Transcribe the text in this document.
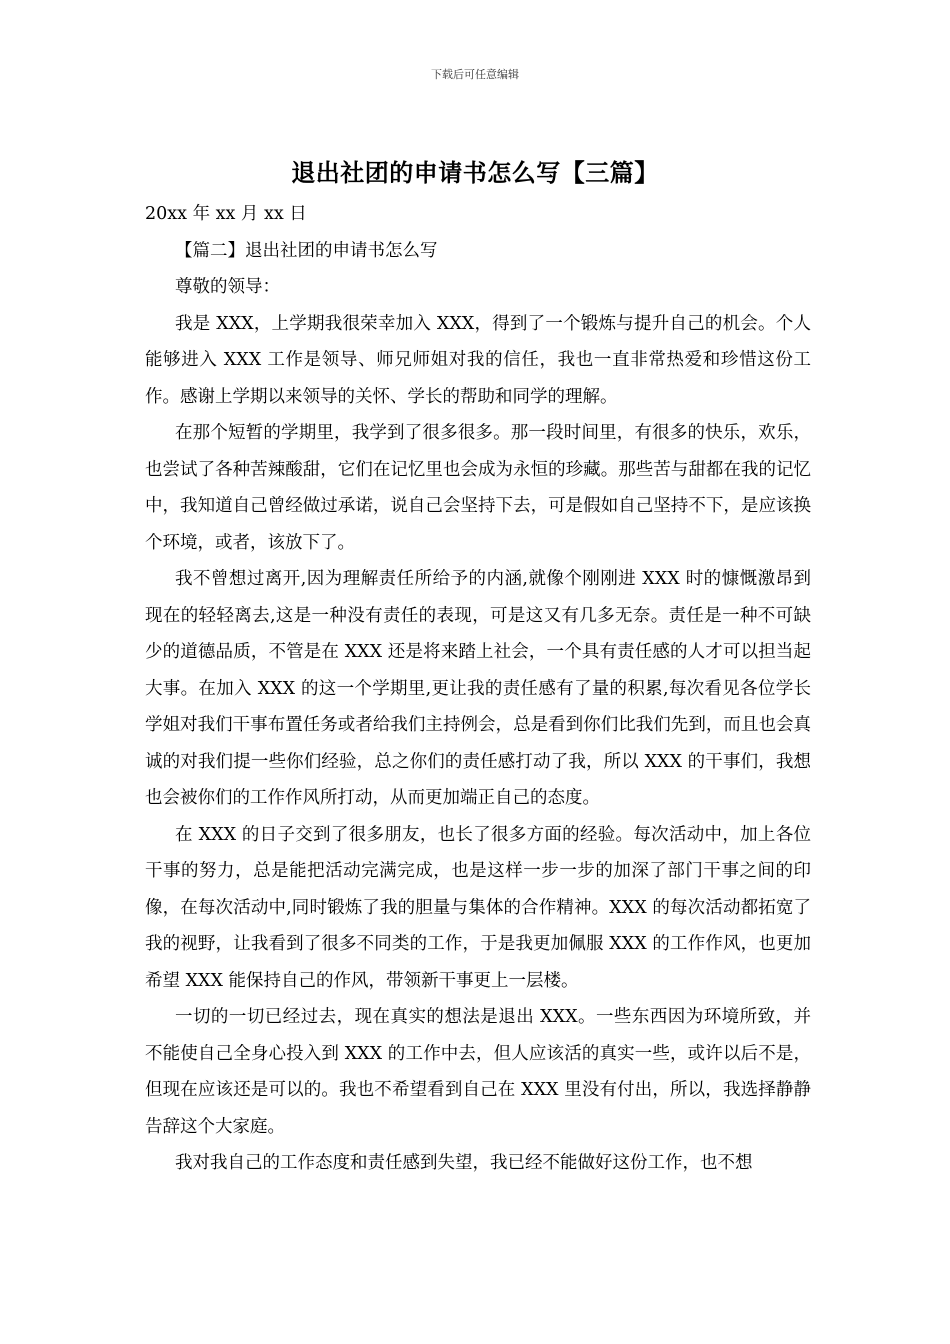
下载后可任意编辑
退出社团的申请书怎么写【三篇】

20xx 年 xx 月 xx 日

【篇二】退出社团的申请书怎么写

尊敬的领导：

我是 XXX，上学期我很荣幸加入 XXX，得到了一个锻炼与提升自己的机会。个人能够进入 XXX 工作是领导、师兄师姐对我的信任，我也一直非常热爱和珍惜这份工作。感谢上学期以来领导的关怀、学长的帮助和同学的理解。

在那个短暂的学期里，我学到了很多很多。那一段时间里，有很多的快乐，欢乐，也尝试了各种苦辣酸甜，它们在记忆里也会成为永恒的珍藏。那些苦与甜都在我的记忆中，我知道自己曾经做过承诺，说自己会坚持下去，可是假如自己坚持不下，是应该换个环境，或者，该放下了。

我不曾想过离开,因为理解责任所给予的内涵,就像个刚刚进 XXX 时的慷慨激昂到现在的轻轻离去,这是一种没有责任的表现，可是这又有几多无奈。责任是一种不可缺少的道德品质，不管是在 XXX 还是将来踏上社会，一个具有责任感的人才可以担当起大事。在加入 XXX 的这一个学期里,更让我的责任感有了量的积累,每次看见各位学长学姐对我们干事布置任务或者给我们主持例会，总是看到你们比我们先到，而且也会真诚的对我们提一些你们经验，总之你们的责任感打动了我，所以 XXX 的干事们，我想也会被你们的工作作风所打动，从而更加端正自己的态度。

在 XXX 的日子交到了很多朋友，也长了很多方面的经验。每次活动中，加上各位干事的努力，总是能把活动完满完成，也是这样一步一步的加深了部门干事之间的印像，在每次活动中,同时锻炼了我的胆量与集体的合作精神。XXX 的每次活动都拓宽了我的视野，让我看到了很多不同类的工作，于是我更加佩服 XXX 的工作作风，也更加希望 XXX 能保持自己的作风，带领新干事更上一层楼。

一切的一切已经过去，现在真实的想法是退出 XXX。一些东西因为环境所致，并不能使自己全身心投入到 XXX 的工作中去，但人应该活的真实一些，或许以后不是，但现在应该还是可以的。我也不希望看到自己在 XXX 里没有付出，所以，我选择静静告辞这个大家庭。

我对我自己的工作态度和责任感到失望，我已经不能做好这份工作，也不想
